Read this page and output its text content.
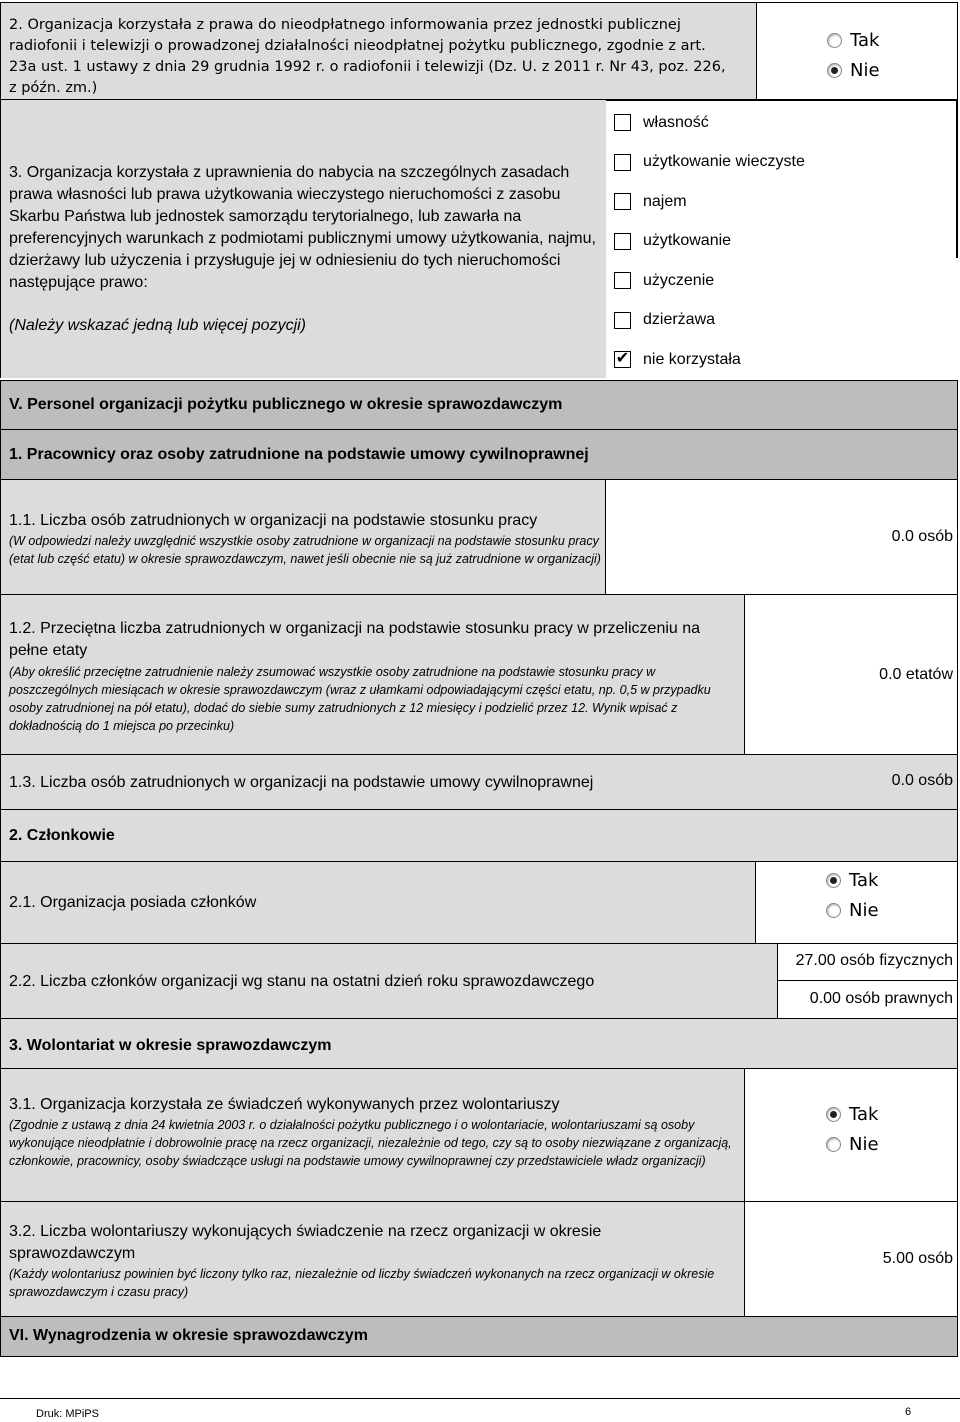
2. Organizacja korzystała z prawa do nieodpłatnego informowania przez jednostki publicznej radiofonii i telewizji o prowadzonej działalności nieodpłatnej pożytku publicznego, zgodnie z art. 23a ust. 1 ustawy z dnia 29 grudnia 1992 r. o radiofonii i telewizji (Dz. U. z 2011 r. Nr 43, poz. 226, z późn. zm.)
Tak
Nie
3. Organizacja korzystała z uprawnienia do nabycia na szczególnych zasadach prawa własności lub prawa użytkowania wieczystego nieruchomości z zasobu Skarbu Państwa lub jednostek samorządu terytorialnego, lub zawarła na preferencyjnych warunkach z podmiotami publicznymi umowy użytkowania, najmu, dzierżawy lub użyczenia i przysługuje jej w odniesieniu do tych nieruchomości następujące prawo:
(Należy wskazać jedną lub więcej pozycji)
własność
użytkowanie wieczyste
najem
użytkowanie
użyczenie
dzierżawa
✔ nie korzystała
V. Personel organizacji pożytku publicznego w okresie sprawozdawczym
1. Pracownicy oraz osoby zatrudnione na podstawie umowy cywilnoprawnej
1.1. Liczba osób zatrudnionych w organizacji na podstawie stosunku pracy
(W odpowiedzi należy uwzględnić wszystkie osoby zatrudnione w organizacji na podstawie stosunku pracy (etat lub część etatu) w okresie sprawozdawczym, nawet jeśli obecnie nie są już zatrudnione w organizacji)
0.0 osób
1.2. Przeciętna liczba zatrudnionych w organizacji na podstawie stosunku pracy w przeliczeniu na pełne etaty
(Aby określić przeciętne zatrudnienie należy zsumować wszystkie osoby zatrudnione na podstawie stosunku pracy w poszczególnych miesiącach w okresie sprawozdawczym (wraz z ułamkami odpowiadającymi części etatu, np. 0,5 w przypadku osoby zatrudnionej na pół etatu), dodać do siebie sumy zatrudnionych z 12 miesięcy i podzielić przez 12. Wynik wpisać z dokładnością do 1 miejsca po przecinku)
0.0 etatów
1.3. Liczba osób zatrudnionych w organizacji na podstawie umowy cywilnoprawnej	0.0 osób
2. Członkowie
2.1. Organizacja posiada członków
Tak
Nie
2.2. Liczba członków organizacji wg stanu na ostatni dzień roku sprawozdawczego
27.00 osób fizycznych
0.00 osób prawnych
3. Wolontariat w okresie sprawozdawczym
3.1. Organizacja korzystała ze świadczeń wykonywanych przez wolontariuszy
(Zgodnie z ustawą z dnia 24 kwietnia 2003 r. o działalności pożytku publicznego i o wolontariacie, wolontariuszami są osoby wykonujące nieodpłatnie i dobrowolnie pracę na rzecz organizacji, niezależnie od tego, czy są to osoby niezwiązane z organizacją, członkowie, pracownicy, osoby świadczące usługi na podstawie umowy cywilnoprawnej czy przedstawiciele władz organizacji)
Tak
Nie
3.2. Liczba wolontariuszy wykonujących świadczenie na rzecz organizacji w okresie sprawozdawczym
(Każdy wolontariusz powinien być liczony tylko raz, niezależnie od liczby świadczeń wykonanych na rzecz organizacji w okresie sprawozdawczym i czasu pracy)
5.00 osób
VI. Wynagrodzenia w okresie sprawozdawczym
Druk: MPiPS	6
